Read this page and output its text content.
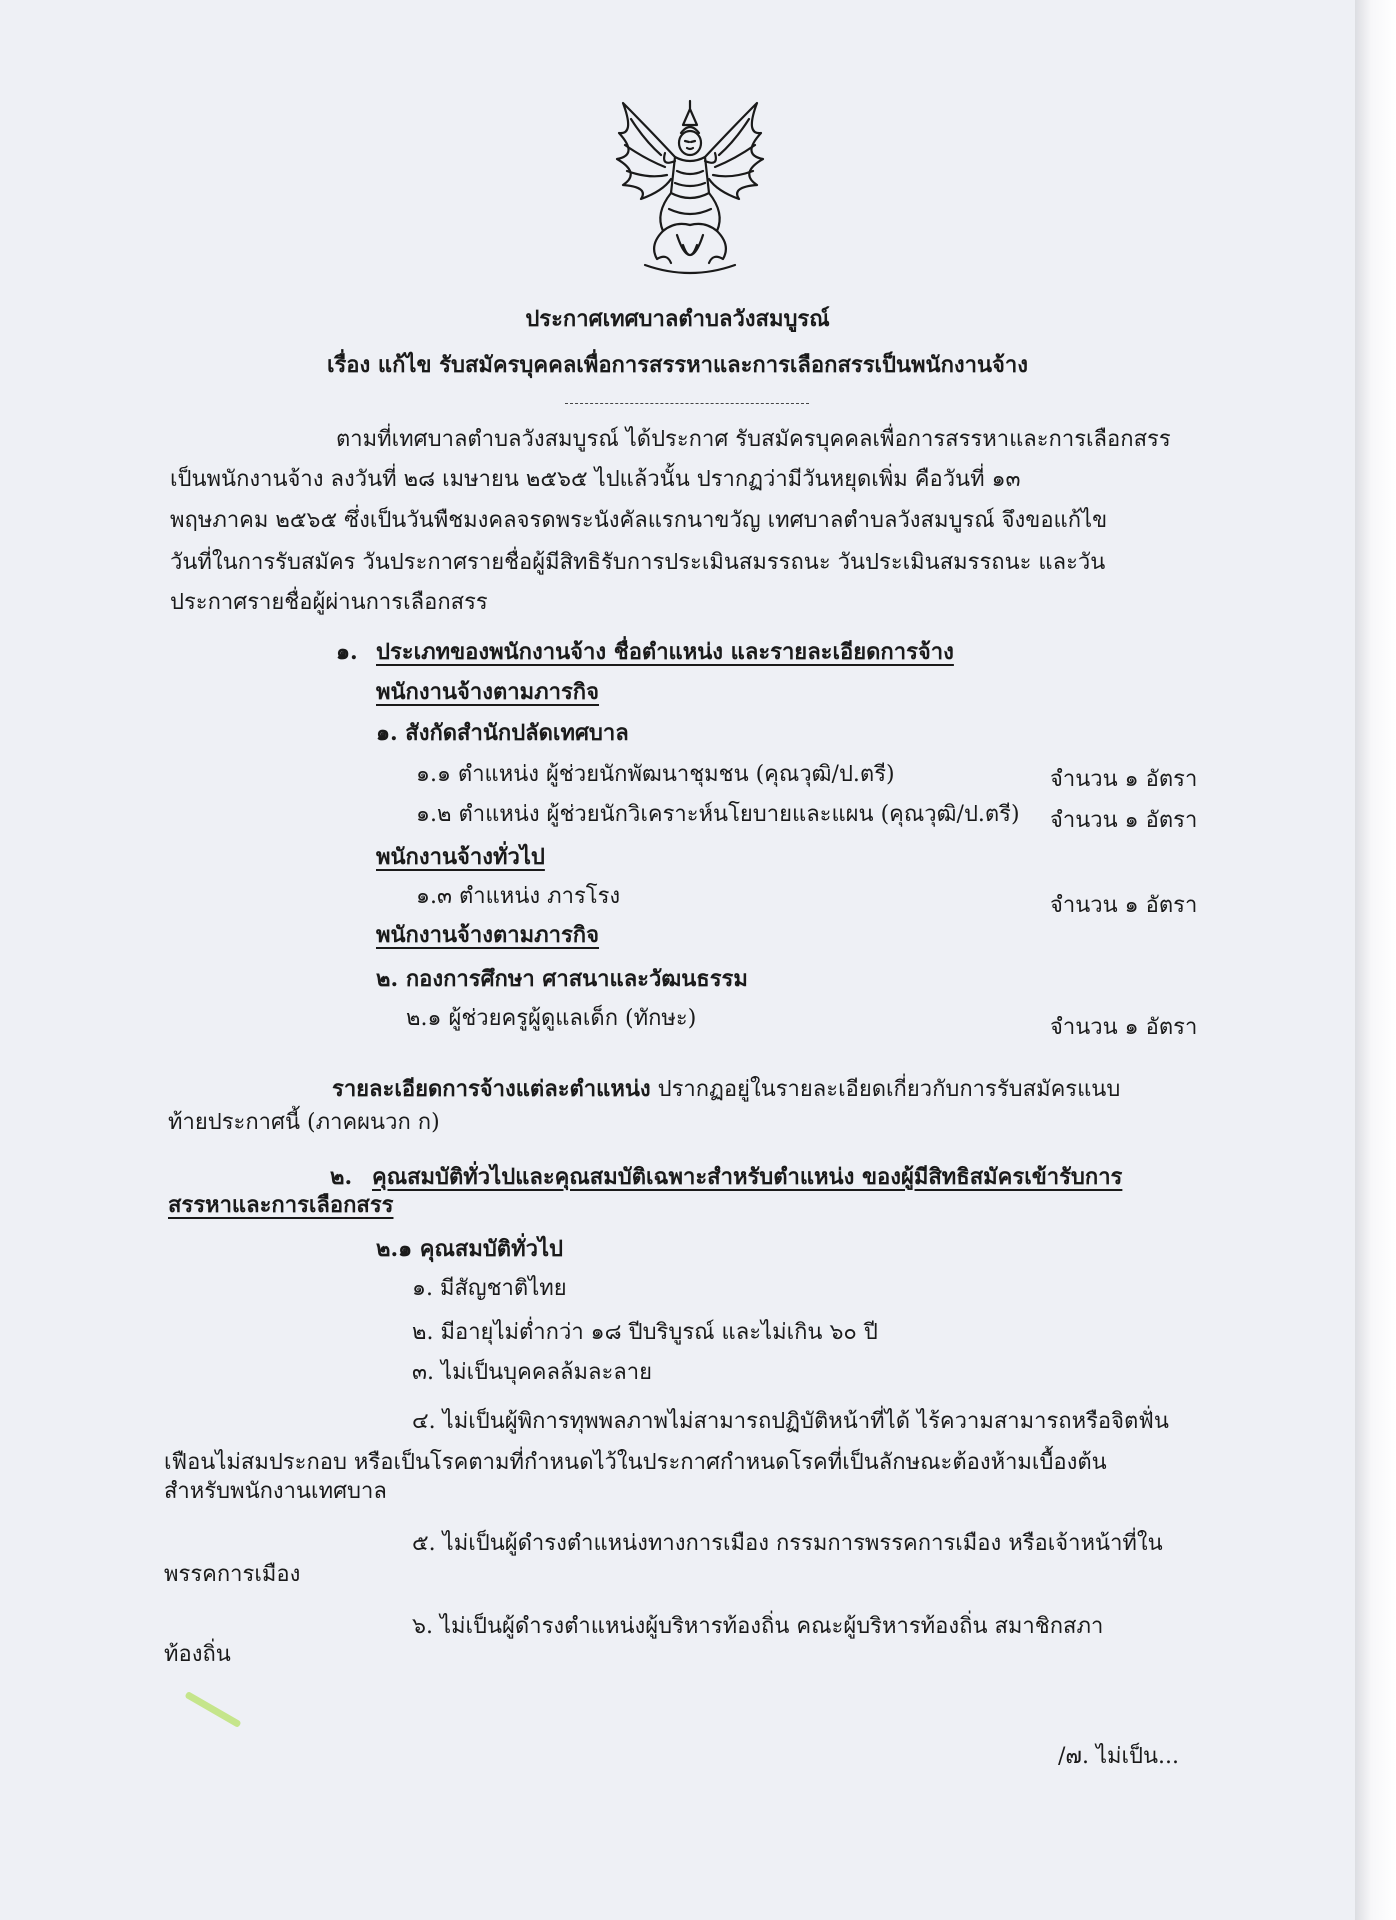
ประกาศเทศบาลตำบลวังสมบูรณ์
เรื่อง แก้ไข รับสมัครบุคคลเพื่อการสรรหาและการเลือกสรรเป็นพนักงานจ้าง
ตามที่เทศบาลตำบลวังสมบูรณ์ ได้ประกาศ รับสมัครบุคคลเพื่อการสรรหาและการเลือกสรร
เป็นพนักงานจ้าง ลงวันที่ ๒๘ เมษายน ๒๕๖๕ ไปแล้วนั้น ปรากฏว่ามีวันหยุดเพิ่ม คือวันที่ ๑๓
พฤษภาคม ๒๕๖๕ ซึ่งเป็นวันพืชมงคลจรดพระนังคัลแรกนาขวัญ เทศบาลตำบลวังสมบูรณ์ จึงขอแก้ไข
วันที่ในการรับสมัคร วันประกาศรายชื่อผู้มีสิทธิรับการประเมินสมรรถนะ วันประเมินสมรรถนะ และวัน
ประกาศรายชื่อผู้ผ่านการเลือกสรร
๑. ประเภทของพนักงานจ้าง ชื่อตำแหน่ง และรายละเอียดการจ้าง
พนักงานจ้างตามภารกิจ
๑. สังกัดสำนักปลัดเทศบาล
๑.๑ ตำแหน่ง ผู้ช่วยนักพัฒนาชุมชน (คุณวุฒิ/ป.ตรี)	จำนวน ๑ อัตรา
๑.๒ ตำแหน่ง ผู้ช่วยนักวิเคราะห์นโยบายและแผน (คุณวุฒิ/ป.ตรี) จำนวน ๑ อัตรา
พนักงานจ้างทั่วไป
๑.๓ ตำแหน่ง ภารโรง	จำนวน ๑ อัตรา
พนักงานจ้างตามภารกิจ
๒. กองการศึกษา ศาสนาและวัฒนธรรม
๒.๑ ผู้ช่วยครูผู้ดูแลเด็ก (ทักษะ)	จำนวน ๑ อัตรา
รายละเอียดการจ้างแต่ละตำแหน่ง ปรากฏอยู่ในรายละเอียดเกี่ยวกับการรับสมัครแนบ
ท้ายประกาศนี้ (ภาคผนวก ก)
๒. คุณสมบัติทั่วไปและคุณสมบัติเฉพาะสำหรับตำแหน่ง ของผู้มีสิทธิสมัครเข้ารับการ
สรรหาและการเลือกสรร
๒.๑ คุณสมบัติทั่วไป
๑. มีสัญชาติไทย
๒. มีอายุไม่ต่ำกว่า ๑๘ ปีบริบูรณ์ และไม่เกิน ๖๐ ปี
๓. ไม่เป็นบุคคลล้มละลาย
๔. ไม่เป็นผู้พิการทุพพลภาพไม่สามารถปฏิบัติหน้าที่ได้ ไร้ความสามารถหรือจิตฟั่น
เฟือนไม่สมประกอบ หรือเป็นโรคตามที่กำหนดไว้ในประกาศกำหนดโรคที่เป็นลักษณะต้องห้ามเบื้องต้น
สำหรับพนักงานเทศบาล
๕. ไม่เป็นผู้ดำรงตำแหน่งทางการเมือง กรรมการพรรคการเมือง หรือเจ้าหน้าที่ใน
พรรคการเมือง
๖. ไม่เป็นผู้ดำรงตำแหน่งผู้บริหารท้องถิ่น คณะผู้บริหารท้องถิ่น สมาชิกสภา
ท้องถิ่น
/๗. ไม่เป็น...
